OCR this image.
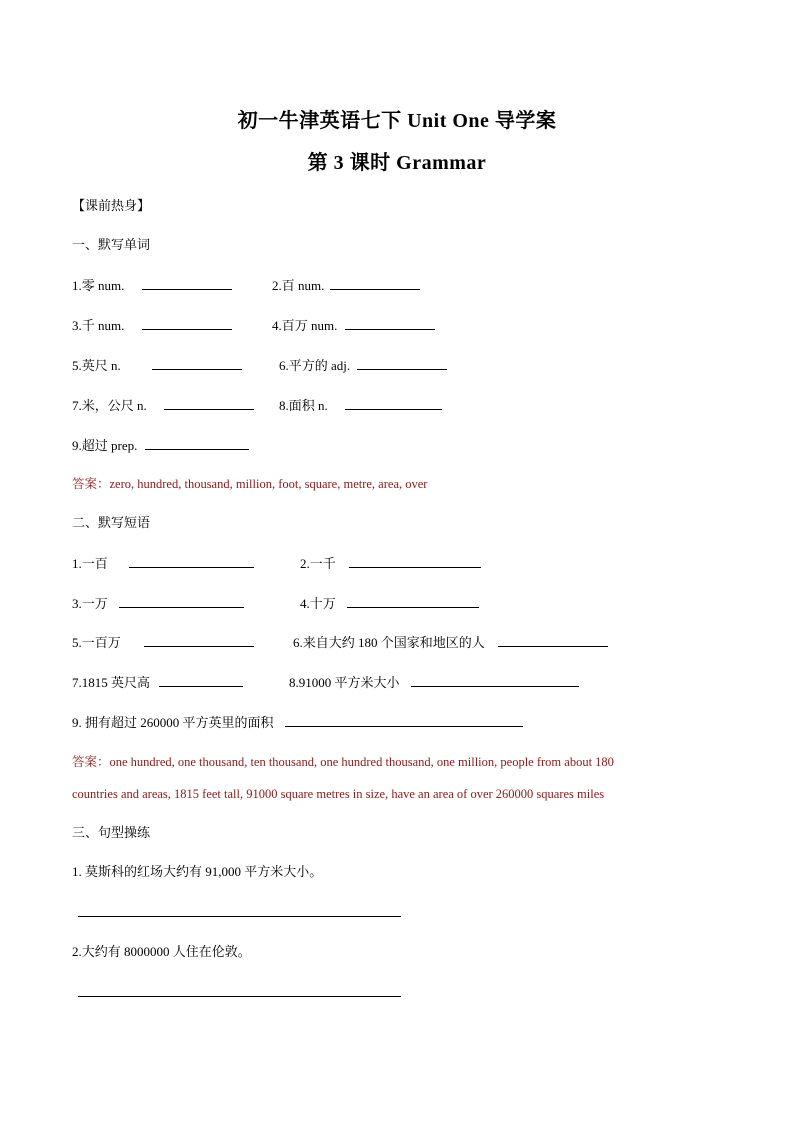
初一牛津英语七下 Unit One 导学案
第 3 课时 Grammar
【课前热身】
一、默写单词
1.零 num.	2.百 num.
3.千 num.	4.百万 num.
5.英尺 n.	6.平方的 adj.
7.米，公尺 n.	8.面积 n.
9.超过 prep.
答案：zero, hundred, thousand, million, foot, square, metre, area, over
二、默写短语
1.一百	2.一千
3.一万	4.十万
5.一百万	6.来自大约 180 个国家和地区的人
7.1815 英尺高	8.91000 平方米大小
9. 拥有超过 260000 平方英里的面积
答案：one hundred, one thousand, ten thousand, one hundred thousand, one million, people from about 180
countries and areas, 1815 feet tall, 91000 square metres in size, have an area of over 260000 squares miles
三、句型操练
1. 莫斯科的红场大约有 91,000 平方米大小。
2.大约有 8000000 人住在伦敦。
